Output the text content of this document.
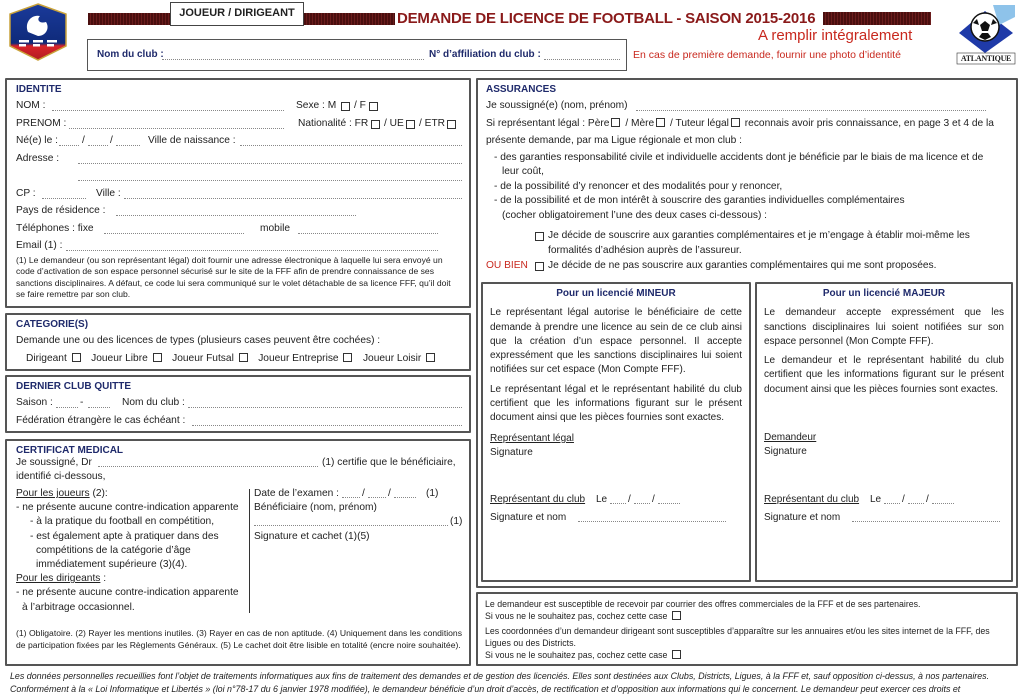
JOUEUR / DIRIGEANT	DEMANDE DE LICENCE DE FOOTBALL - SAISON 2015-2016
A remplir intégralement
Nom du club :	N° d’affiliation du club :	En cas de première demande, fournir une photo d’identité	ATLANTIQUE
IDENTITE
NOM :	Sexe : M / F
PRENOM :	Nationalité : FR / UE / ETR
Né(e) le : / /	Ville de naissance :
Adresse :
CP :	Ville :
Pays de résidence :
Téléphones : fixe	mobile
Email (1) :
(1) Le demandeur (ou son représentant légal) doit fournir une adresse électronique à laquelle lui sera envoyé un code d’activation de son espace personnel sécurisé sur le site de la FFF afin de prendre connaissance de ses sanctions disciplinaires. A défaut, ce code lui sera communiqué sur le volet détachable de sa licence FFF, qu’il doit se faire remettre par son club.
CATEGORIE(S)
Demande une ou des licences de types (plusieurs cases peuvent être cochées) :
Dirigeant Joueur Libre Joueur Futsal Joueur Entreprise Joueur Loisir
DERNIER CLUB QUITTE
Saison :	-	Nom du club :
Fédération étrangère le cas échéant :
CERTIFICAT MEDICAL
Je soussigné, Dr	(1) certifie que le bénéficiaire,
identifié ci-dessous,
Pour les joueurs (2):
- ne présente aucune contre-indication apparente
- à la pratique du football en compétition,
- est également apte à pratiquer dans des
compétitions de la catégorie d’âge
immédiatement supérieure (3)(4).
Pour les dirigeants :
- ne présente aucune contre-indication apparente
à l’arbitrage occasionnel.
Date de l’examen : / /	(1)
Bénéficiaire (nom, prénom)
(1)
Signature et cachet (1)(5)
(1) Obligatoire. (2) Rayer les mentions inutiles. (3) Rayer en cas de non aptitude. (4) Uniquement dans les conditions de participation fixées par les Règlements Généraux. (5) Le cachet doit être lisible en totalité (encre noire souhaitée).
ASSURANCES
Je soussigné(e) (nom, prénom)
Si représentant légal : Père / Mère / Tuteur légal reconnais avoir pris connaissance, en page 3 et 4 de la
présente demande, par ma Ligue régionale et mon club :
- des garanties responsabilité civile et individuelle accidents dont je bénéficie par le biais de ma licence et de
leur coût,
- de la possibilité d’y renoncer et des modalités pour y renoncer,
- de la possibilité et de mon intérêt à souscrire des garanties individuelles complémentaires
(cocher obligatoirement l’une des deux cases ci-dessous) :
Je décide de souscrire aux garanties complémentaires et je m’engage à établir moi-même les
formalités d’adhésion auprès de l’assureur.
OU BIEN Je décide de ne pas souscrire aux garanties complémentaires qui me sont proposées.
Pour un licencié MINEUR
Le représentant légal autorise le bénéficiaire de cette demande à prendre une licence au sein de ce club ainsi que la création d’un espace personnel. Il accepte expressément que les sanctions disciplinaires lui soient notifiées sur cet espace (Mon Compte FFF).
Le représentant légal et le représentant habilité du club certifient que les informations figurant sur le présent document ainsi que les pièces fournies sont exactes.
Représentant légal
Signature
Représentant du club Le / /
Signature et nom
Pour un licencié MAJEUR
Le demandeur accepte expressément que les sanctions disciplinaires lui soient notifiées sur son espace personnel (Mon Compte FFF).
Le demandeur et le représentant habilité du club certifient que les informations figurant sur le présent document ainsi que les pièces fournies sont exactes.
Demandeur
Signature
Représentant du club Le / /
Signature et nom
Le demandeur est susceptible de recevoir par courrier des offres commerciales de la FFF et de ses partenaires.
Si vous ne le souhaitez pas, cochez cette case
Les coordonnées d’un demandeur dirigeant sont susceptibles d’apparaître sur les annuaires et/ou les sites internet de la FFF, des Ligues ou des Districts.
Si vous ne le souhaitez pas, cochez cette case
Les données personnelles recueillies font l’objet de traitements informatiques aux fins de traitement des demandes et de gestion des licenciés. Elles sont destinées aux Clubs, Districts, Ligues, à la FFF et, sauf opposition ci-dessus, à nos partenaires.
Conformément à la « Loi Informatique et Libertés » (loi n°78-17 du 6 janvier 1978 modifiée), le demandeur bénéficie d’un droit d’accès, de rectification et d’opposition aux informations qui le concernent. Le demandeur peut exercer ces droits et
